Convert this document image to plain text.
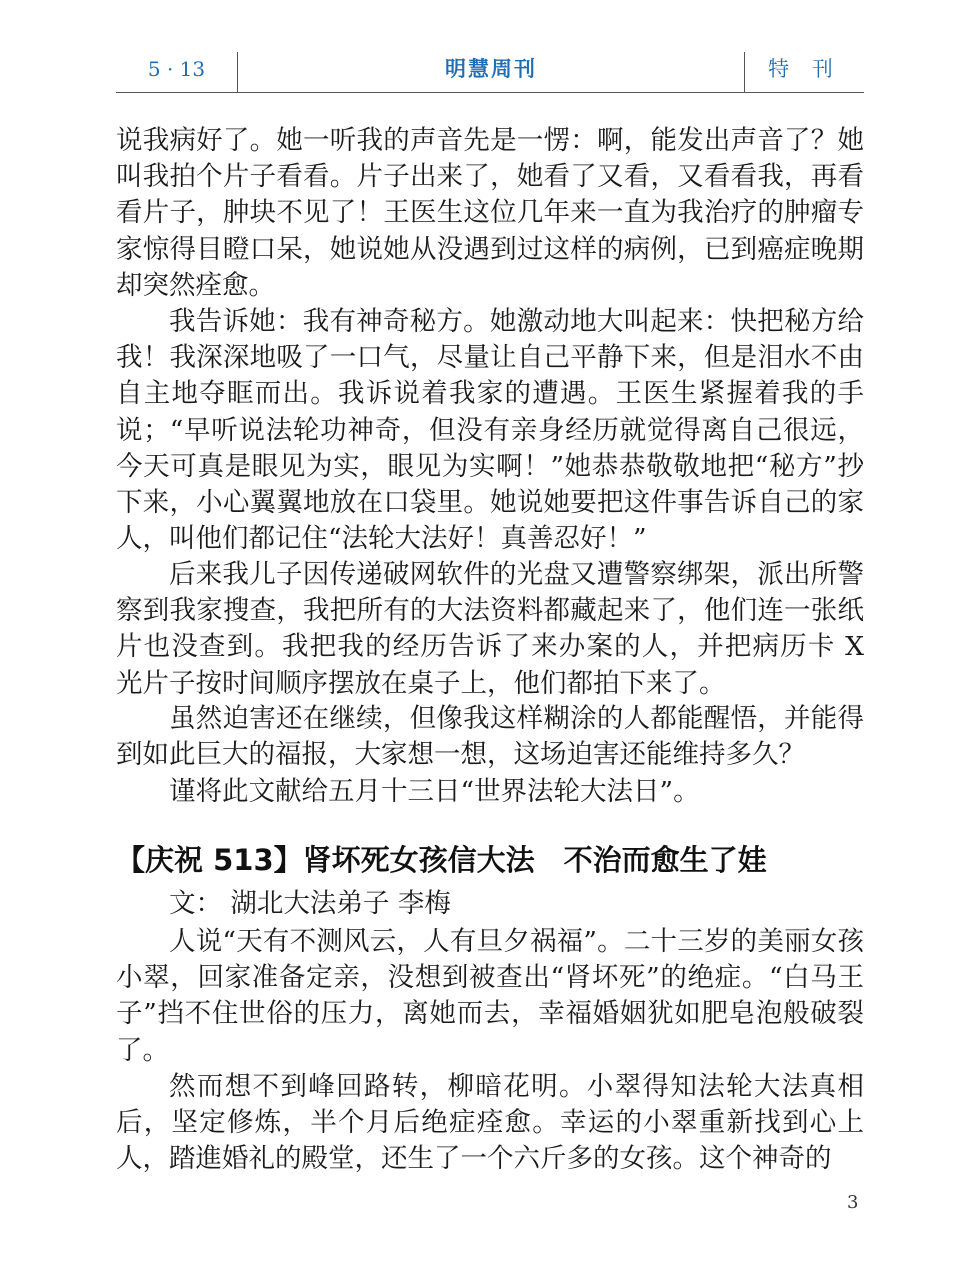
5 · 13	明慧周刊	特 刊

说我病好了。她一听我的声音先是一愣：啊，能发出声音了？她叫我拍个片子看看。片子出来了，她看了又看，又看看我，再看看片子，肿块不见了！王医生这位几年来一直为我治疗的肿瘤专家惊得目瞪口呆，她说她从没遇到过这样的病例，已到癌症晚期却突然痊愈。

我告诉她：我有神奇秘方。她激动地大叫起来：快把秘方给我！我深深地吸了一口气，尽量让自己平静下来，但是泪水不由自主地夺眶而出。我诉说着我家的遭遇。王医生紧握着我的手说；“早听说法轮功神奇，但没有亲身经历就觉得离自己很远，今天可真是眼见为实，眼见为实啊！”她恭恭敬敬地把“秘方”抄下来，小心翼翼地放在口袋里。她说她要把这件事告诉自己的家人，叫他们都记住“法轮大法好！真善忍好！”

后来我儿子因传递破网软件的光盘又遭警察绑架，派出所警察到我家搜查，我把所有的大法资料都藏起来了，他们连一张纸片也没查到。我把我的经历告诉了来办案的人，并把病历卡 X 光片子按时间顺序摆放在桌子上，他们都拍下来了。

虽然迫害还在继续，但像我这样糊涂的人都能醒悟，并能得到如此巨大的福报，大家想一想，这场迫害还能维持多久？

谨将此文献给五月十三日“世界法轮大法日”。

【庆祝 513】肾坏死女孩信大法　不治而愈生了娃

文： 湖北大法弟子 李梅

人说“天有不测风云，人有旦夕祸福”。二十三岁的美丽女孩小翠，回家准备定亲，没想到被查出“肾坏死”的绝症。“白马王子”挡不住世俗的压力，离她而去，幸福婚姻犹如肥皂泡般破裂了。

然而想不到峰回路转，柳暗花明。小翠得知法轮大法真相后，坚定修炼，半个月后绝症痊愈。幸运的小翠重新找到心上人，踏進婚礼的殿堂，还生了一个六斤多的女孩。这个神奇的

3
